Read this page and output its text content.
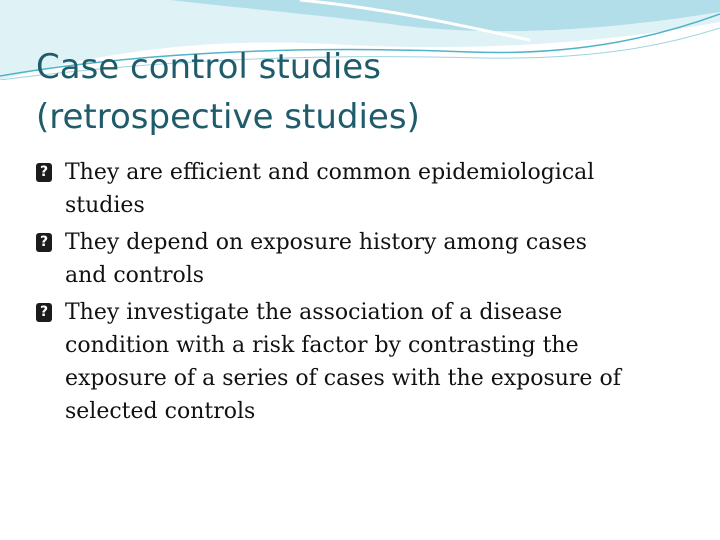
Case control studies
(retrospective studies)
? They are efficient and common epidemiological
studies
? They depend on exposure history among cases
and controls
? They investigate the association of a disease
condition with a risk factor by contrasting the
exposure of a series of cases with the exposure of
selected controls
